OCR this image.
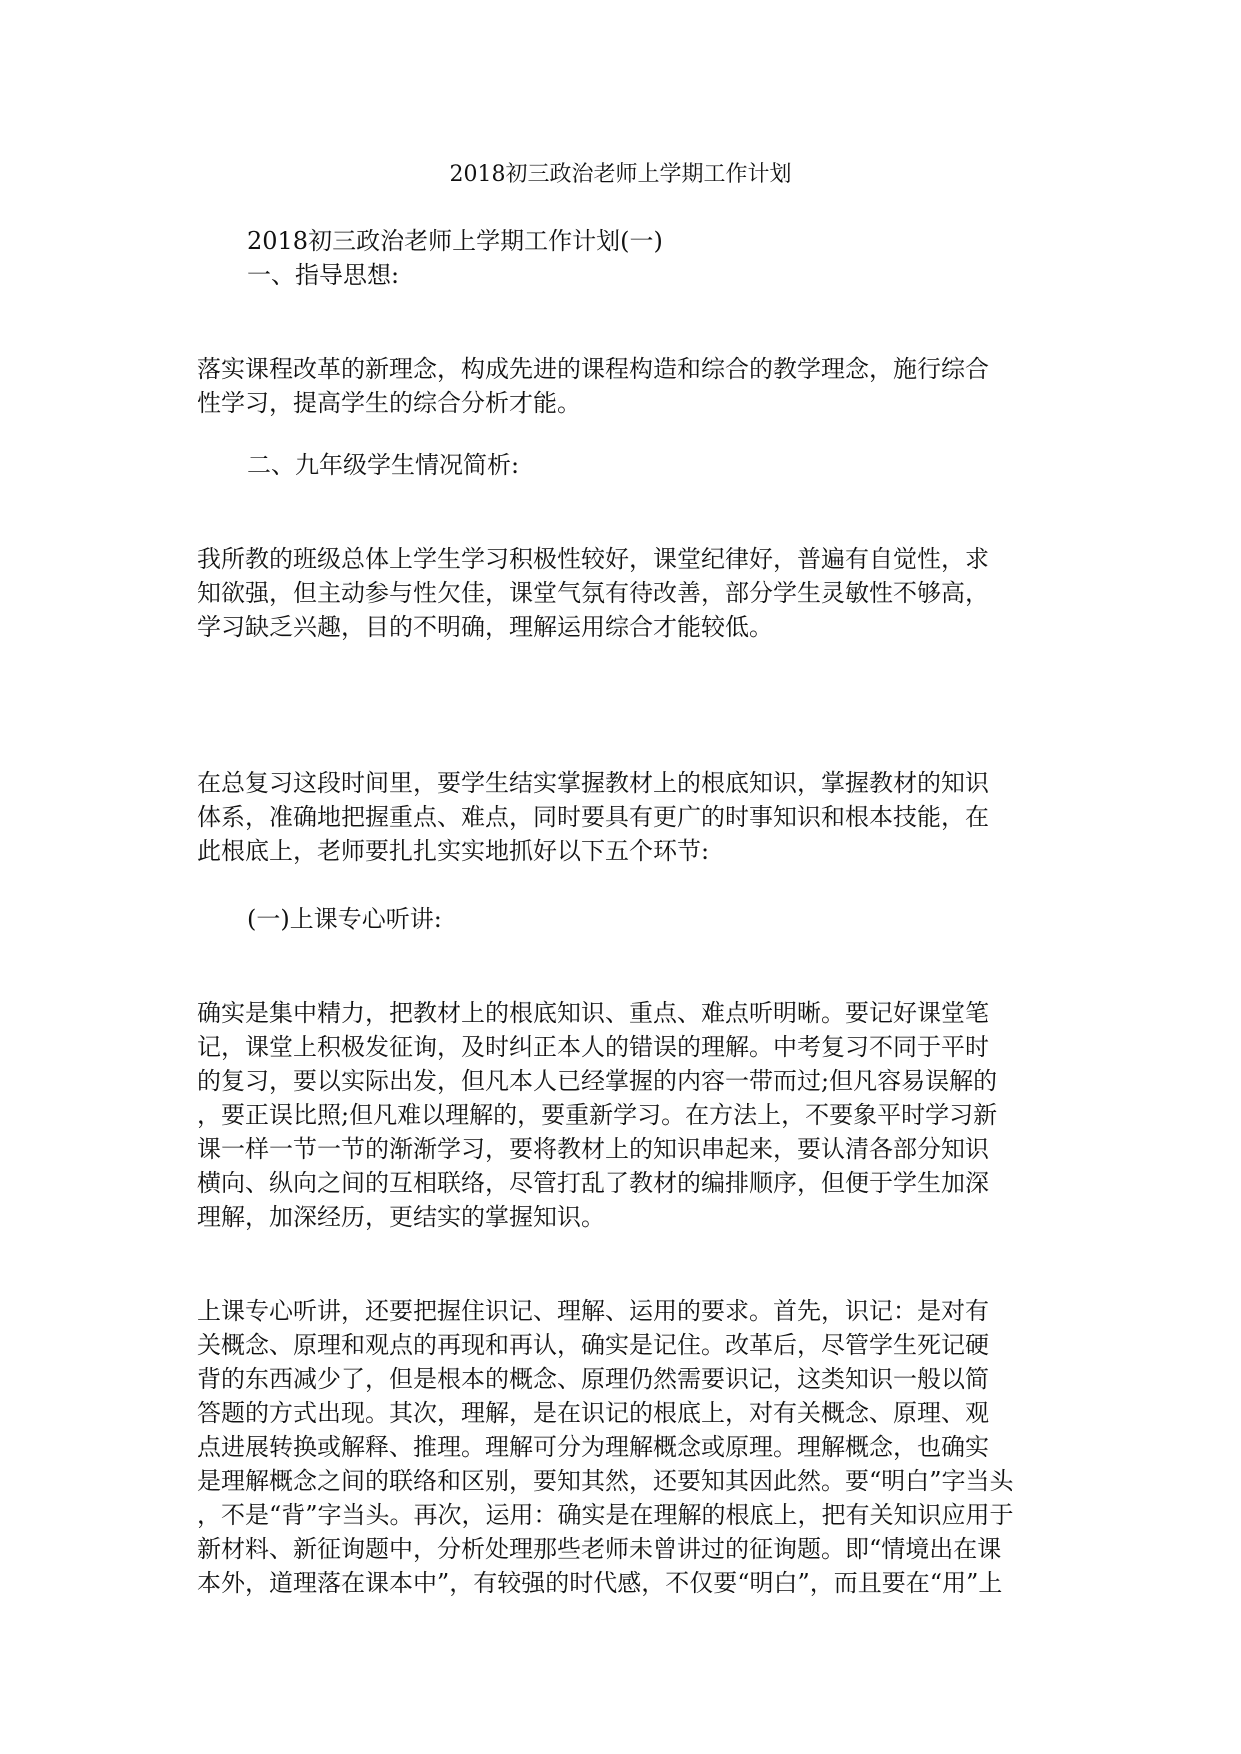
2018初三政治老师上学期工作计划
2018初三政治老师上学期工作计划(一)
一、指导思想:
落实课程改革的新理念，构成先进的课程构造和综合的教学理念，施行综合
性学习，提高学生的综合分析才能。
二、九年级学生情况简析:
我所教的班级总体上学生学习积极性较好，课堂纪律好，普遍有自觉性，求
知欲强，但主动参与性欠佳，课堂气氛有待改善，部分学生灵敏性不够高，
学习缺乏兴趣，目的不明确，理解运用综合才能较低。
在总复习这段时间里，要学生结实掌握教材上的根底知识，掌握教材的知识
体系，准确地把握重点、难点，同时要具有更广的时事知识和根本技能，在
此根底上，老师要扎扎实实地抓好以下五个环节:
(一)上课专心听讲:
确实是集中精力，把教材上的根底知识、重点、难点听明晰。要记好课堂笔
记，课堂上积极发征询，及时纠正本人的错误的理解。中考复习不同于平时
的复习，要以实际出发，但凡本人已经掌握的内容一带而过;但凡容易误解的
，要正误比照;但凡难以理解的，要重新学习。在方法上，不要象平时学习新
课一样一节一节的渐渐学习，要将教材上的知识串起来，要认清各部分知识
横向、纵向之间的互相联络，尽管打乱了教材的编排顺序，但便于学生加深
理解，加深经历，更结实的掌握知识。
上课专心听讲，还要把握住识记、理解、运用的要求。首先，识记：是对有
关概念、原理和观点的再现和再认，确实是记住。改革后，尽管学生死记硬
背的东西减少了，但是根本的概念、原理仍然需要识记，这类知识一般以简
答题的方式出现。其次，理解，是在识记的根底上，对有关概念、原理、观
点进展转换或解释、推理。理解可分为理解概念或原理。理解概念，也确实
是理解概念之间的联络和区别，要知其然，还要知其因此然。要“明白”字当头
，不是“背”字当头。再次，运用：确实是在理解的根底上，把有关知识应用于
新材料、新征询题中，分析处理那些老师未曾讲过的征询题。即“情境出在课
本外，道理落在课本中”，有较强的时代感，不仅要“明白”，而且要在“用”上
